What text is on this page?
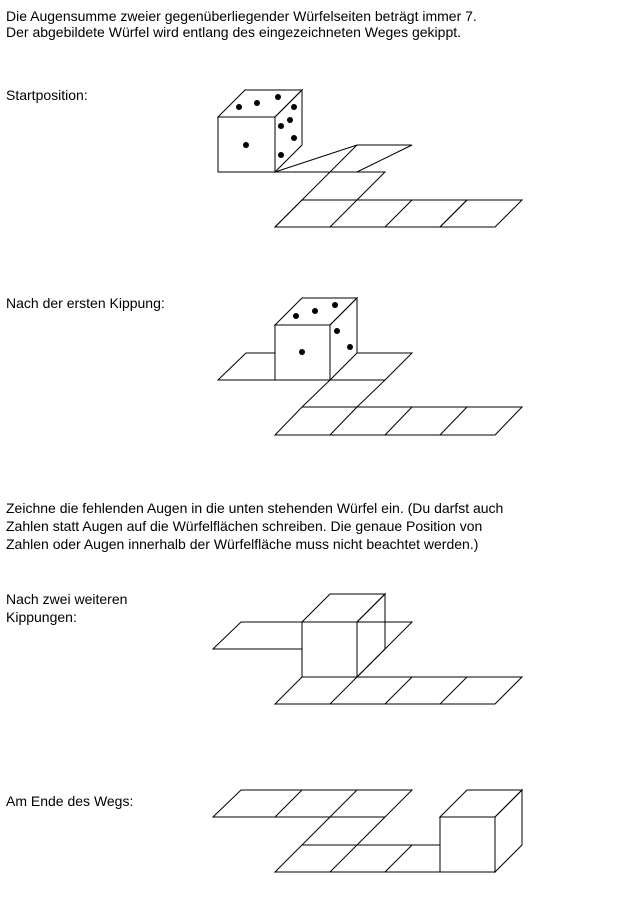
Die Augensumme zweier gegenüberliegender Würfelseiten beträgt immer 7.
Der abgebildete Würfel wird entlang des eingezeichneten Weges gekippt.
Startposition:
Nach der ersten Kippung:
Zeichne die fehlenden Augen in die unten stehenden Würfel ein. (Du darfst auch
Zahlen statt Augen auf die Würfelflächen schreiben. Die genaue Position von
Zahlen oder Augen innerhalb der Würfelfläche muss nicht beachtet werden.)
Nach zwei weiteren
Kippungen:
Am Ende des Wegs:
